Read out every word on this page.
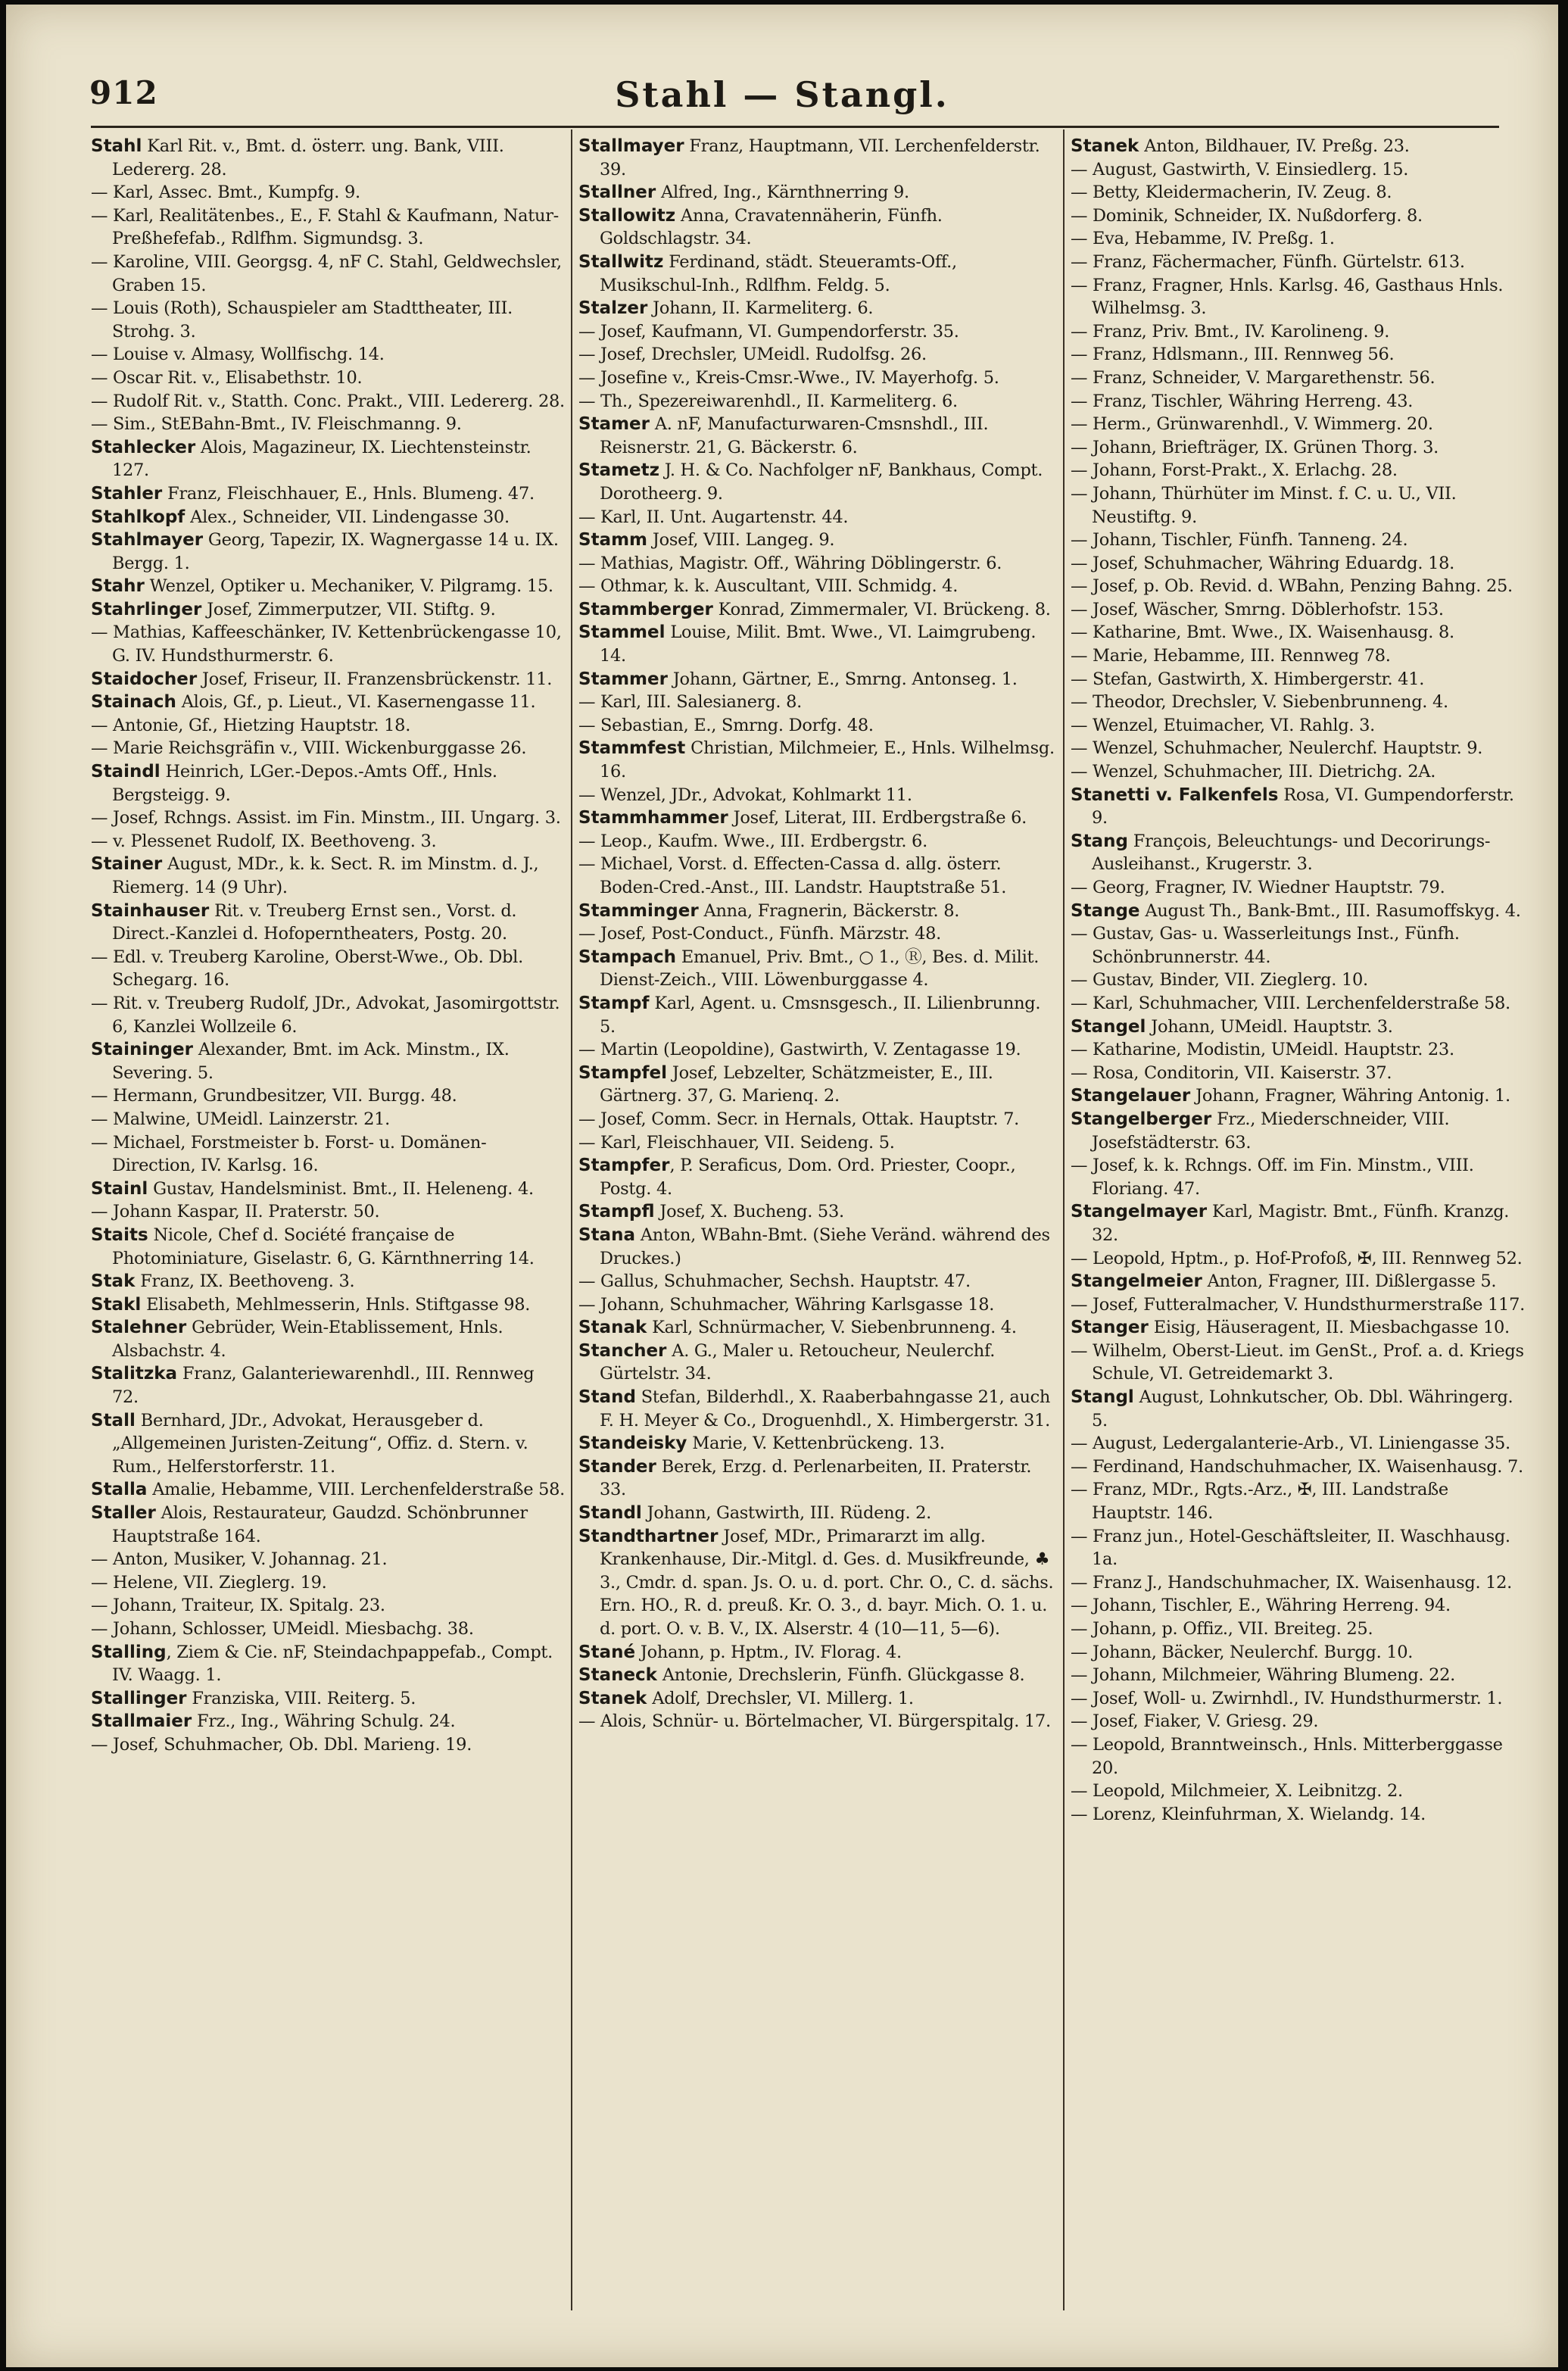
912	Stahl — Stangl.

Stahl Karl Rit. v., Bmt. d. österr. ung. Bank, VIII. Ledererg. 28.

— Karl, Assec. Bmt., Kumpfg. 9.

— Karl, Realitätenbes., E., F. Stahl & Kaufmann, Natur-Preßhefefab., Rdlfhm. Sigmundsg. 3.

— Karoline, VIII. Georgsg. 4, nF C. Stahl, Geldwechsler, Graben 15.

— Louis (Roth), Schauspieler am Stadttheater, III. Strohg. 3.

— Louise v. Almasy, Wollfischg. 14.

— Oscar Rit. v., Elisabethstr. 10.

— Rudolf Rit. v., Statth. Conc. Prakt., VIII. Ledererg. 28.

— Sim., StEBahn-Bmt., IV. Fleischmanng. 9.

Stahlecker Alois, Magazineur, IX. Liechtensteinstr. 127.

Stahler Franz, Fleischhauer, E., Hnls. Blumeng. 47.

Stahlkopf Alex., Schneider, VII. Lindengasse 30.

Stahlmayer Georg, Tapezir, IX. Wagnergasse 14 u. IX. Bergg. 1.

Stahr Wenzel, Optiker u. Mechaniker, V. Pilgramg. 15.

Stahrlinger Josef, Zimmerputzer, VII. Stiftg. 9.

— Mathias, Kaffeeschänker, IV. Kettenbrückengasse 10, G. IV. Hundsthurmerstr. 6.

Staidocher Josef, Friseur, II. Franzensbrückenstr. 11.

Stainach Alois, Gf., p. Lieut., VI. Kasernengasse 11.

— Antonie, Gf., Hietzing Hauptstr. 18.

— Marie Reichsgräfin v., VIII. Wickenburggasse 26.

Staindl Heinrich, LGer.-Depos.-Amts Off., Hnls. Bergsteigg. 9.

— Josef, Rchngs. Assist. im Fin. Minstm., III. Ungarg. 3.

— v. Plessenet Rudolf, IX. Beethoveng. 3.

Stainer August, MDr., k. k. Sect. R. im Minstm. d. J., Riemerg. 14 (9 Uhr).

Stainhauser Rit. v. Treuberg Ernst sen., Vorst. d. Direct.-Kanzlei d. Hofoperntheaters, Postg. 20.

— Edl. v. Treuberg Karoline, Oberst-Wwe., Ob. Dbl. Schegarg. 16.

— Rit. v. Treuberg Rudolf, JDr., Advokat, Jasomirgottstr. 6, Kanzlei Wollzeile 6.

Staininger Alexander, Bmt. im Ack. Minstm., IX. Severing. 5.

— Hermann, Grundbesitzer, VII. Burgg. 48.

— Malwine, UMeidl. Lainzerstr. 21.

— Michael, Forstmeister b. Forst- u. Domänen-Direction, IV. Karlsg. 16.

Stainl Gustav, Handelsminist. Bmt., II. Heleneng. 4.

— Johann Kaspar, II. Praterstr. 50.

Staits Nicole, Chef d. Société française de Photominiature, Giselastr. 6, G. Kärnthnerring 14.

Stak Franz, IX. Beethoveng. 3.

Stakl Elisabeth, Mehlmesserin, Hnls. Stiftgasse 98.

Stalehner Gebrüder, Wein-Etablissement, Hnls. Alsbachstr. 4.

Stalitzka Franz, Galanteriewarenhdl., III. Rennweg 72.

Stall Bernhard, JDr., Advokat, Herausgeber d. „Allgemeinen Juristen-Zeitung“, Offiz. d. Stern. v. Rum., Helferstorferstr. 11.

Stalla Amalie, Hebamme, VIII. Lerchenfelderstraße 58.

Staller Alois, Restaurateur, Gaudzd. Schönbrunner Hauptstraße 164.

— Anton, Musiker, V. Johannag. 21.

— Helene, VII. Zieglerg. 19.

— Johann, Traiteur, IX. Spitalg. 23.

— Johann, Schlosser, UMeidl. Miesbachg. 38.

Stalling, Ziem & Cie. nF, Steindachpappefab., Compt. IV. Waagg. 1.

Stallinger Franziska, VIII. Reiterg. 5.

Stallmaier Frz., Ing., Währing Schulg. 24.

— Josef, Schuhmacher, Ob. Dbl. Marieng. 19.

Stallmayer Franz, Hauptmann, VII. Lerchenfelderstr. 39.

Stallner Alfred, Ing., Kärnthnerring 9.

Stallowitz Anna, Cravatennäherin, Fünfh. Goldschlagstr. 34.

Stallwitz Ferdinand, städt. Steueramts-Off., Musikschul-Inh., Rdlfhm. Feldg. 5.

Stalzer Johann, II. Karmeliterg. 6.

— Josef, Kaufmann, VI. Gumpendorferstr. 35.

— Josef, Drechsler, UMeidl. Rudolfsg. 26.

— Josefine v., Kreis-Cmsr.-Wwe., IV. Mayerhofg. 5.

— Th., Spezereiwarenhdl., II. Karmeliterg. 6.

Stamer A. nF, Manufacturwaren-Cmsnshdl., III. Reisnerstr. 21, G. Bäckerstr. 6.

Stametz J. H. & Co. Nachfolger nF, Bankhaus, Compt. Dorotheerg. 9.

— Karl, II. Unt. Augartenstr. 44.

Stamm Josef, VIII. Langeg. 9.

— Mathias, Magistr. Off., Währing Döblingerstr. 6.

— Othmar, k. k. Auscultant, VIII. Schmidg. 4.

Stammberger Konrad, Zimmermaler, VI. Brückeng. 8.

Stammel Louise, Milit. Bmt. Wwe., VI. Laimgrubeng. 14.

Stammer Johann, Gärtner, E., Smrng. Antonseg. 1.

— Karl, III. Salesianerg. 8.

— Sebastian, E., Smrng. Dorfg. 48.

Stammfest Christian, Milchmeier, E., Hnls. Wilhelmsg. 16.

— Wenzel, JDr., Advokat, Kohlmarkt 11.

Stammhammer Josef, Literat, III. Erdbergstraße 6.

— Leop., Kaufm. Wwe., III. Erdbergstr. 6.

— Michael, Vorst. d. Effecten-Cassa d. allg. österr. Boden-Cred.-Anst., III. Landstr. Hauptstraße 51.

Stamminger Anna, Fragnerin, Bäckerstr. 8.

— Josef, Post-Conduct., Fünfh. Märzstr. 48.

Stampach Emanuel, Priv. Bmt., ○ 1., Ⓡ, Bes. d. Milit. Dienst-Zeich., VIII. Löwenburggasse 4.

Stampf Karl, Agent. u. Cmsnsgesch., II. Lilienbrunng. 5.

— Martin (Leopoldine), Gastwirth, V. Zentagasse 19.

Stampfel Josef, Lebzelter, Schätzmeister, E., III. Gärtnerg. 37, G. Marienq. 2.

— Josef, Comm. Secr. in Hernals, Ottak. Hauptstr. 7.

— Karl, Fleischhauer, VII. Seideng. 5.

Stampfer, P. Seraficus, Dom. Ord. Priester, Coopr., Postg. 4.

Stampfl Josef, X. Bucheng. 53.

Stana Anton, WBahn-Bmt. (Siehe Veränd. während des Druckes.)

— Gallus, Schuhmacher, Sechsh. Hauptstr. 47.

— Johann, Schuhmacher, Währing Karlsgasse 18.

Stanak Karl, Schnürmacher, V. Siebenbrunneng. 4.

Stancher A. G., Maler u. Retoucheur, Neulerchf. Gürtelstr. 34.

Stand Stefan, Bilderhdl., X. Raaberbahngasse 21, auch F. H. Meyer & Co., Droguenhdl., X. Himbergerstr. 31.

Standeisky Marie, V. Kettenbrückeng. 13.

Stander Berek, Erzg. d. Perlenarbeiten, II. Praterstr. 33.

Standl Johann, Gastwirth, III. Rüdeng. 2.

Standthartner Josef, MDr., Primararzt im allg. Krankenhause, Dir.-Mitgl. d. Ges. d. Musikfreunde, ♣ 3., Cmdr. d. span. Js. O. u. d. port. Chr. O., C. d. sächs. Ern. HO., R. d. preuß. Kr. O. 3., d. bayr. Mich. O. 1. u. d. port. O. v. B. V., IX. Alserstr. 4 (10—11, 5—6).

Stané Johann, p. Hptm., IV. Florag. 4.

Staneck Antonie, Drechslerin, Fünfh. Glückgasse 8.

Stanek Adolf, Drechsler, VI. Millerg. 1.

— Alois, Schnür- u. Börtelmacher, VI. Bürgerspitalg. 17.

Stanek Anton, Bildhauer, IV. Preßg. 23.

— August, Gastwirth, V. Einsiedlerg. 15.

— Betty, Kleidermacherin, IV. Zeug. 8.

— Dominik, Schneider, IX. Nußdorferg. 8.

— Eva, Hebamme, IV. Preßg. 1.

— Franz, Fächermacher, Fünfh. Gürtelstr. 613.

— Franz, Fragner, Hnls. Karlsg. 46, Gasthaus Hnls. Wilhelmsg. 3.

— Franz, Priv. Bmt., IV. Karolineng. 9.

— Franz, Hdlsmann., III. Rennweg 56.

— Franz, Schneider, V. Margarethenstr. 56.

— Franz, Tischler, Währing Herreng. 43.

— Herm., Grünwarenhdl., V. Wimmerg. 20.

— Johann, Briefträger, IX. Grünen Thorg. 3.

— Johann, Forst-Prakt., X. Erlachg. 28.

— Johann, Thürhüter im Minst. f. C. u. U., VII. Neustiftg. 9.

— Johann, Tischler, Fünfh. Tanneng. 24.

— Josef, Schuhmacher, Währing Eduardg. 18.

— Josef, p. Ob. Revid. d. WBahn, Penzing Bahng. 25.

— Josef, Wäscher, Smrng. Döblerhofstr. 153.

— Katharine, Bmt. Wwe., IX. Waisenhausg. 8.

— Marie, Hebamme, III. Rennweg 78.

— Stefan, Gastwirth, X. Himbergerstr. 41.

— Theodor, Drechsler, V. Siebenbrunneng. 4.

— Wenzel, Etuimacher, VI. Rahlg. 3.

— Wenzel, Schuhmacher, Neulerchf. Hauptstr. 9.

— Wenzel, Schuhmacher, III. Dietrichg. 2A.

Stanetti v. Falkenfels Rosa, VI. Gumpendorferstr. 9.

Stang François, Beleuchtungs- und Decorirungs-Ausleihanst., Krugerstr. 3.

— Georg, Fragner, IV. Wiedner Hauptstr. 79.

Stange August Th., Bank-Bmt., III. Rasumoffskyg. 4.

— Gustav, Gas- u. Wasserleitungs Inst., Fünfh. Schönbrunnerstr. 44.

— Gustav, Binder, VII. Zieglerg. 10.

— Karl, Schuhmacher, VIII. Lerchenfelderstraße 58.

Stangel Johann, UMeidl. Hauptstr. 3.

— Katharine, Modistin, UMeidl. Hauptstr. 23.

— Rosa, Conditorin, VII. Kaiserstr. 37.

Stangelauer Johann, Fragner, Währing Antonig. 1.

Stangelberger Frz., Miederschneider, VIII. Josefstädterstr. 63.

— Josef, k. k. Rchngs. Off. im Fin. Minstm., VIII. Floriang. 47.

Stangelmayer Karl, Magistr. Bmt., Fünfh. Kranzg. 32.

— Leopold, Hptm., p. Hof-Profoß, ✠, III. Rennweg 52.

Stangelmeier Anton, Fragner, III. Dißlergasse 5.

— Josef, Futteralmacher, V. Hundsthurmerstraße 117.

Stanger Eisig, Häuseragent, II. Miesbachgasse 10.

— Wilhelm, Oberst-Lieut. im GenSt., Prof. a. d. Kriegs Schule, VI. Getreidemarkt 3.

Stangl August, Lohnkutscher, Ob. Dbl. Währingerg. 5.

— August, Ledergalanterie-Arb., VI. Liniengasse 35.

— Ferdinand, Handschuhmacher, IX. Waisenhausg. 7.

— Franz, MDr., Rgts.-Arz., ✠, III. Landstraße Hauptstr. 146.

— Franz jun., Hotel-Geschäftsleiter, II. Waschhausg. 1a.

— Franz J., Handschuhmacher, IX. Waisenhausg. 12.

— Johann, Tischler, E., Währing Herreng. 94.

— Johann, p. Offiz., VII. Breiteg. 25.

— Johann, Bäcker, Neulerchf. Burgg. 10.

— Johann, Milchmeier, Währing Blumeng. 22.

— Josef, Woll- u. Zwirnhdl., IV. Hundsthurmerstr. 1.

— Josef, Fiaker, V. Griesg. 29.

— Leopold, Branntweinsch., Hnls. Mitterberggasse 20.

— Leopold, Milchmeier, X. Leibnitzg. 2.

— Lorenz, Kleinfuhrman, X. Wielandg. 14.
